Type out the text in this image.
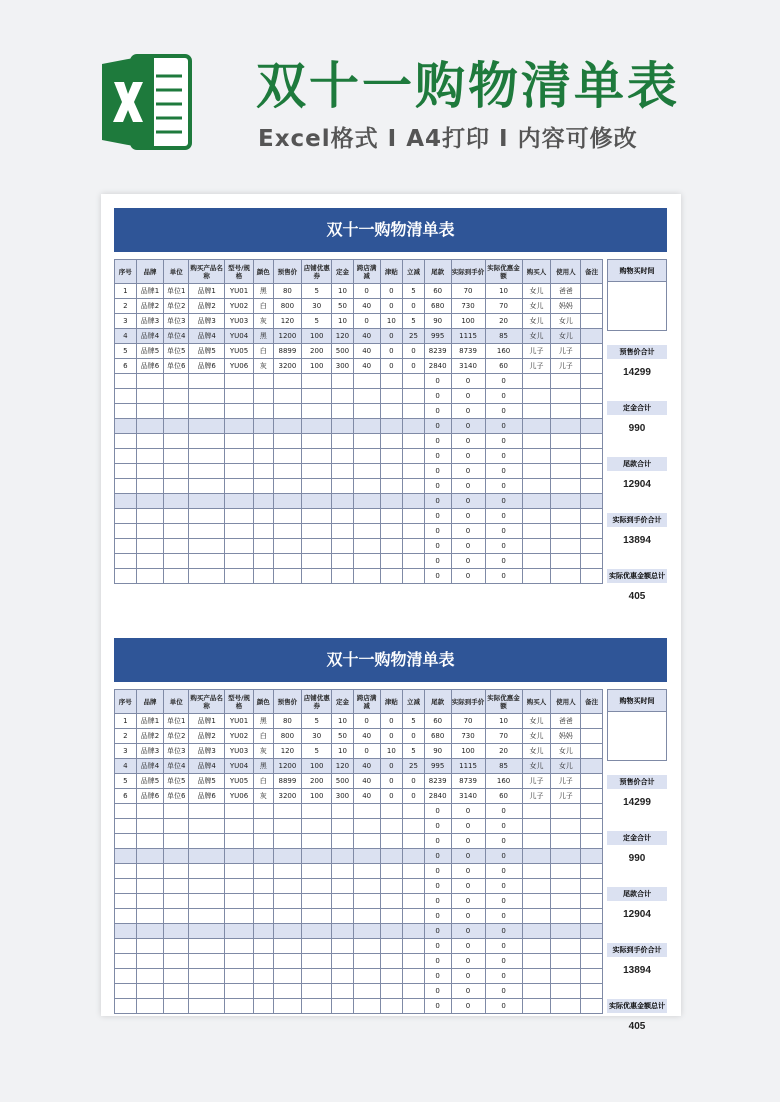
双十一购物清单表
Excel格式 I A4打印 I 内容可修改
双十一购物清单表
序号	品牌	单位	购买产品名称	型号/规格	颜色	预售价	店铺优惠券	定金	跨店满减	津贴	立减	尾款	实际到手价	实际优惠金额	购买人	使用人	备注
1	品牌1	单位1	品牌1	YU01	黑	80	5	10	0	0	5	60	70	10	女儿	爸爸	
2	品牌2	单位2	品牌2	YU02	白	800	30	50	40	0	0	680	730	70	女儿	妈妈	
3	品牌3	单位3	品牌3	YU03	灰	120	5	10	0	10	5	90	100	20	女儿	女儿	
4	品牌4	单位4	品牌4	YU04	黑	1200	100	120	40	0	25	995	1115	85	女儿	女儿	
5	品牌5	单位5	品牌5	YU05	白	8899	200	500	40	0	0	8239	8739	160	儿子	儿子	
6	品牌6	单位6	品牌6	YU06	灰	3200	100	300	40	0	0	2840	3140	60	儿子	儿子	
												0	0	0			
												0	0	0			
												0	0	0			
												0	0	0			
												0	0	0			
												0	0	0			
												0	0	0			
												0	0	0			
												0	0	0			
												0	0	0			
												0	0	0			
												0	0	0			
												0	0	0			
												0	0	0			
购物买时间
预售价合计
14299
定金合计
990
尾款合计
12904
实际到手价合计
13894
实际优惠金额总计
405
双十一购物清单表
序号	品牌	单位	购买产品名称	型号/规格	颜色	预售价	店铺优惠券	定金	跨店满减	津贴	立减	尾款	实际到手价	实际优惠金额	购买人	使用人	备注
1	品牌1	单位1	品牌1	YU01	黑	80	5	10	0	0	5	60	70	10	女儿	爸爸	
2	品牌2	单位2	品牌2	YU02	白	800	30	50	40	0	0	680	730	70	女儿	妈妈	
3	品牌3	单位3	品牌3	YU03	灰	120	5	10	0	10	5	90	100	20	女儿	女儿	
4	品牌4	单位4	品牌4	YU04	黑	1200	100	120	40	0	25	995	1115	85	女儿	女儿	
5	品牌5	单位5	品牌5	YU05	白	8899	200	500	40	0	0	8239	8739	160	儿子	儿子	
6	品牌6	单位6	品牌6	YU06	灰	3200	100	300	40	0	0	2840	3140	60	儿子	儿子	
												0	0	0			
												0	0	0			
												0	0	0			
												0	0	0			
												0	0	0			
												0	0	0			
												0	0	0			
												0	0	0			
												0	0	0			
												0	0	0			
												0	0	0			
												0	0	0			
												0	0	0			
												0	0	0			
购物买时间
预售价合计
14299
定金合计
990
尾款合计
12904
实际到手价合计
13894
实际优惠金额总计
405
